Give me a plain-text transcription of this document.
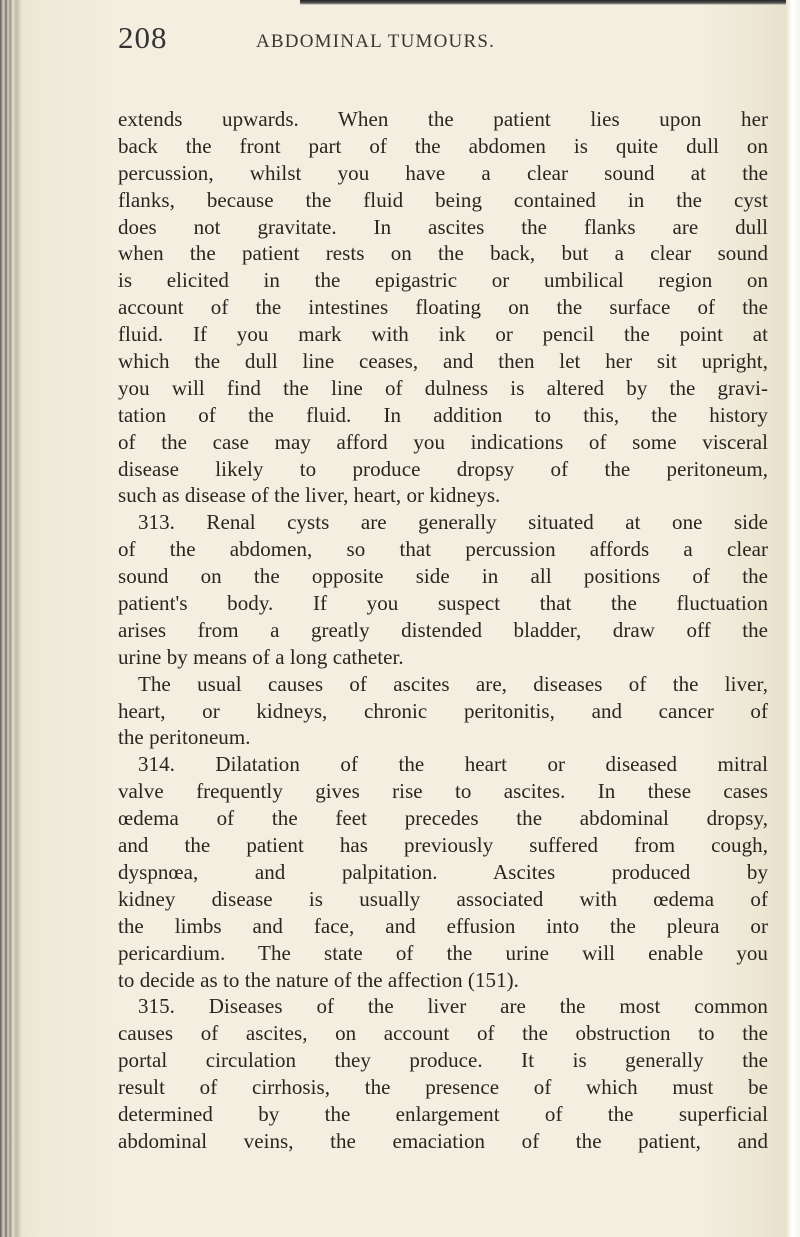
208	ABDOMINAL TUMOURS.
extends upwards. When the patient lies upon her
back the front part of the abdomen is quite dull on
percussion, whilst you have a clear sound at the
flanks, because the fluid being contained in the cyst
does not gravitate. In ascites the flanks are dull
when the patient rests on the back, but a clear sound
is elicited in the epigastric or umbilical region on
account of the intestines floating on the surface of the
fluid. If you mark with ink or pencil the point at
which the dull line ceases, and then let her sit upright,
you will find the line of dulness is altered by the gravi-
tation of the fluid. In addition to this, the history
of the case may afford you indications of some visceral
disease likely to produce dropsy of the peritoneum,
such as disease of the liver, heart, or kidneys.
313. Renal cysts are generally situated at one side
of the abdomen, so that percussion affords a clear
sound on the opposite side in all positions of the
patient's body. If you suspect that the fluctuation
arises from a greatly distended bladder, draw off the
urine by means of a long catheter.
The usual causes of ascites are, diseases of the liver,
heart, or kidneys, chronic peritonitis, and cancer of
the peritoneum.
314. Dilatation of the heart or diseased mitral
valve frequently gives rise to ascites. In these cases
œdema of the feet precedes the abdominal dropsy,
and the patient has previously suffered from cough,
dyspnœa, and palpitation. Ascites produced by
kidney disease is usually associated with œdema of
the limbs and face, and effusion into the pleura or
pericardium. The state of the urine will enable you
to decide as to the nature of the affection (151).
315. Diseases of the liver are the most common
causes of ascites, on account of the obstruction to the
portal circulation they produce. It is generally the
result of cirrhosis, the presence of which must be
determined by the enlargement of the superficial
abdominal veins, the emaciation of the patient, and
